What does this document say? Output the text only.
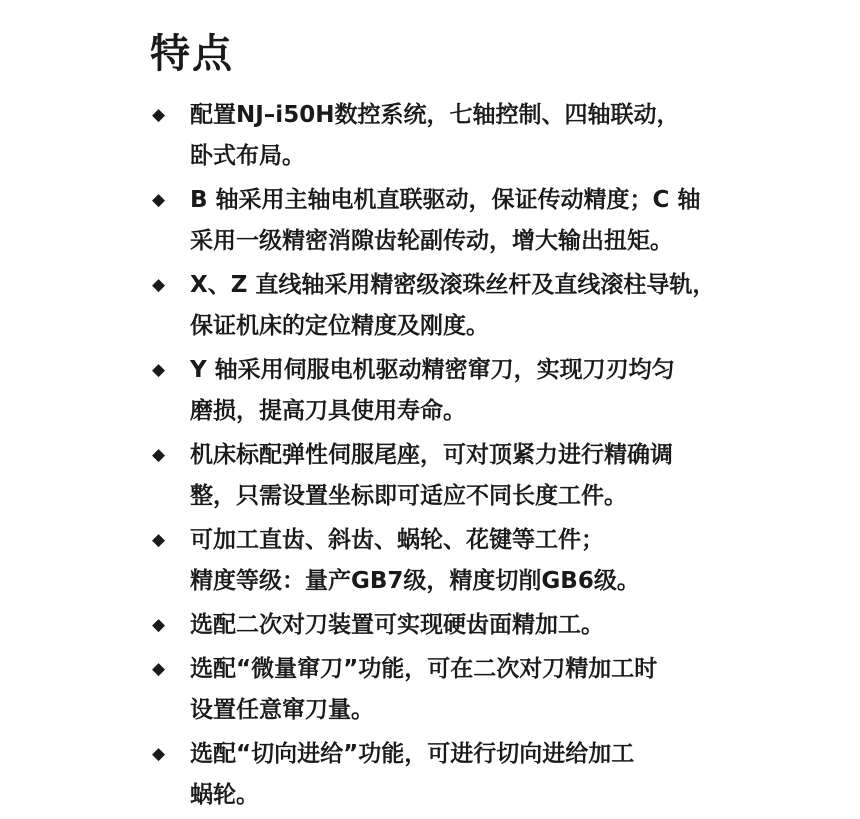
特点
◆ 配置NJ–i50H数控系统，七轴控制、四轴联动，
卧式布局。
◆ B 轴采用主轴电机直联驱动，保证传动精度；C 轴
采用一级精密消隙齿轮副传动，增大输出扭矩。
◆ X、Z 直线轴采用精密级滚珠丝杆及直线滚柱导轨，
保证机床的定位精度及刚度。
◆ Y 轴采用伺服电机驱动精密窜刀，实现刀刃均匀
磨损，提高刀具使用寿命。
◆ 机床标配弹性伺服尾座，可对顶紧力进行精确调
整，只需设置坐标即可适应不同长度工件。
◆ 可加工直齿、斜齿、蜗轮、花键等工件；
精度等级：量产GB7级，精度切削GB6级。
◆ 选配二次对刀装置可实现硬齿面精加工。
◆ 选配“微量窜刀”功能，可在二次对刀精加工时
设置任意窜刀量。
◆ 选配“切向进给”功能，可进行切向进给加工
蜗轮。
